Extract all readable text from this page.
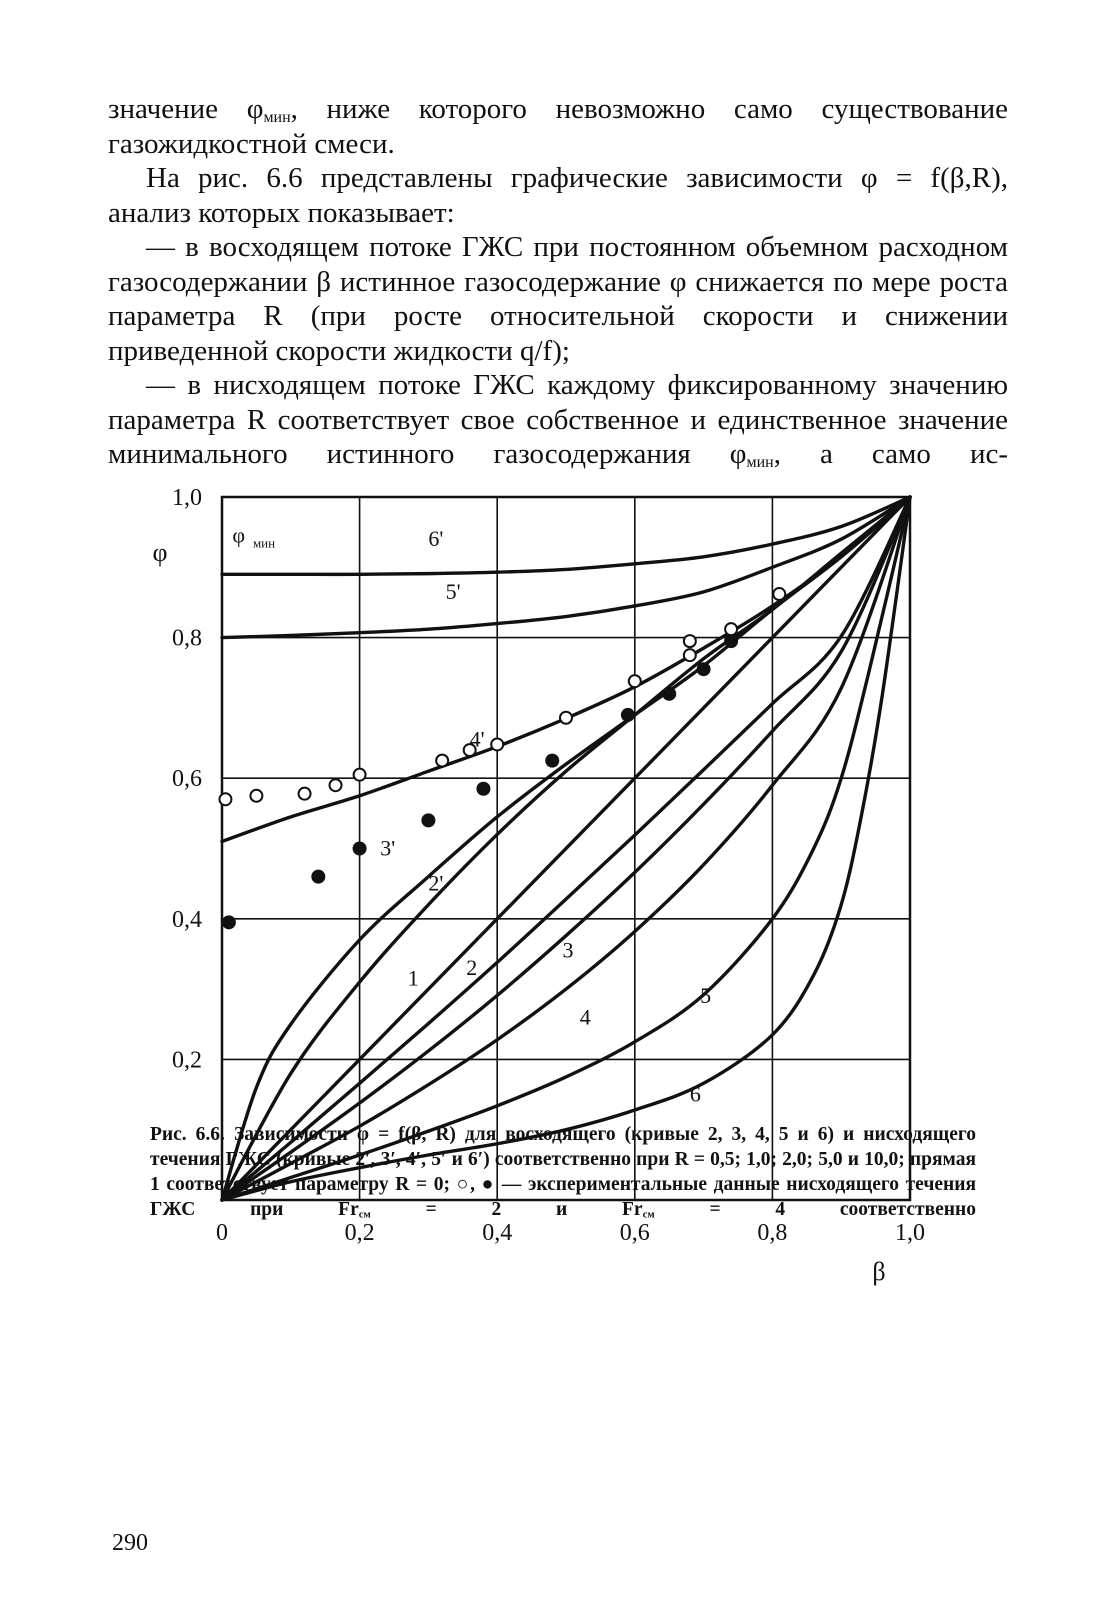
значение $\varphi_{мин}$, ниже которого невозможно само существование газожидкостной смеси.

На рис. 6.6 представлены графические зависимости φ = f(β,R), анализ которых показывает:

— в восходящем потоке ГЖС при постоянном объемном расходном газосодержании β истинное газосодержание φ снижается по мере роста параметра R (при росте относительной скорости и снижении приведенной скорости жидкости q/f);

— в нисходящем потоке ГЖС каждому фиксированному значению параметра R соответствует свое собственное и единственное значение минимального истинного газосодержания $\varphi_{мин}$, а само ис-

0	0,2	0,4	0,6	0,8	1,0
0,2
0,4
0,6
0,8
1,0
β
φ
1 2
3
4
5
6
2'
3'
4'
5'
6'
φ мин
Рис. 6.6. Зависимости φ = f(β, R) для восходящего (кривые 2, 3, 4, 5 и 6) и нисходящего течения ГЖС (кривые 2′, 3′, 4′, 5′ и 6′) соответственно при R = 0,5; 1,0; 2,0; 5,0 и 10,0; прямая 1 соответствует параметру R = 0; ○, ● — экспериментальные данные нисходящего течения ГЖС при $Fr_{см} = 2$ и $Fr_{см} = 4$ соответственно
290
